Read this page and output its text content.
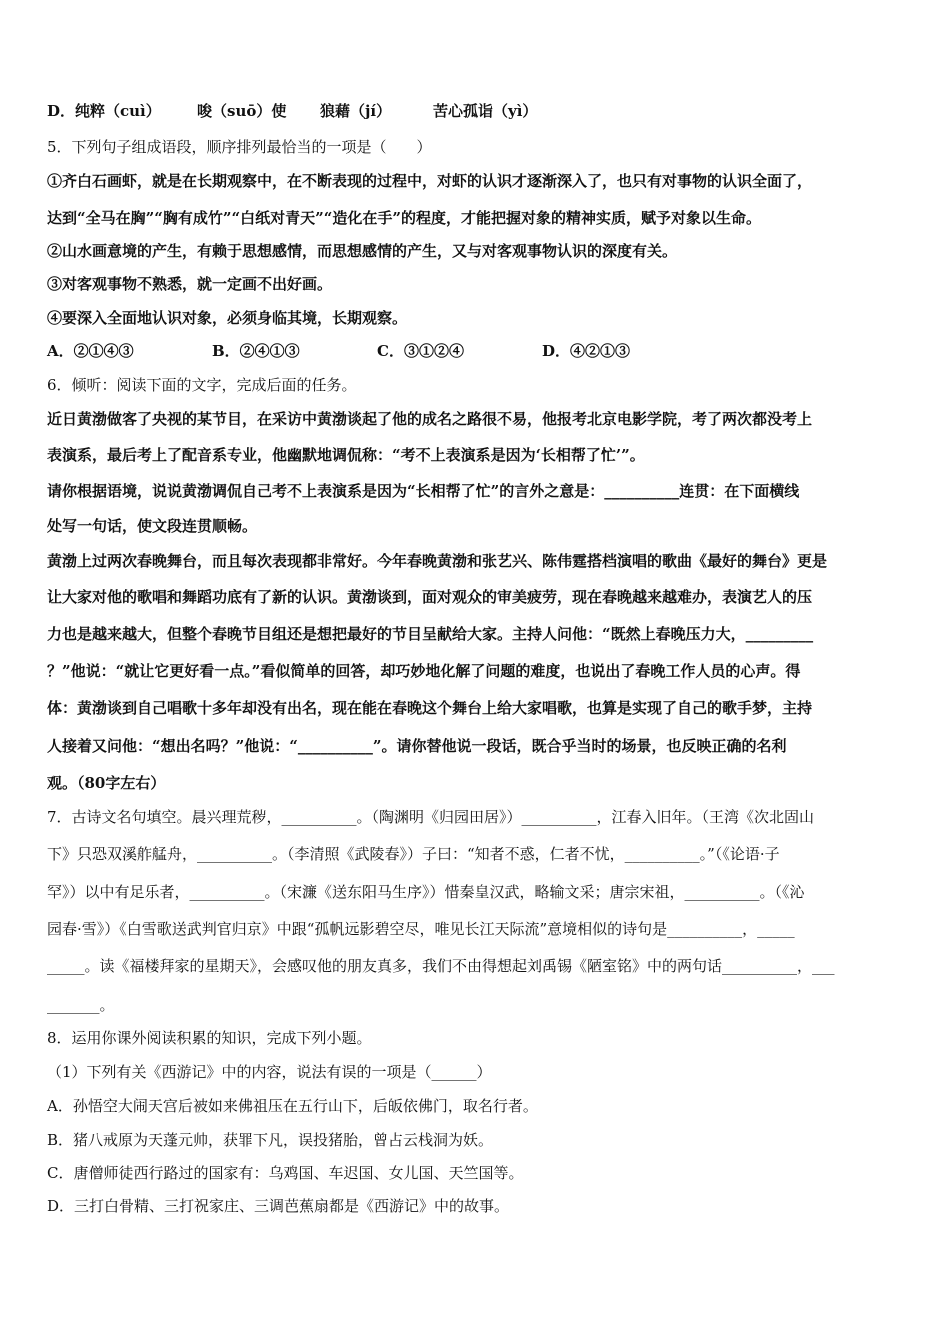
D． 纯粹（cuì） 唆（suō）使 狼藉（jí）	苦心孤诣（yì）
5．下列句子组成语段，顺序排列最恰当的一项是（　　）
①齐白石画虾，就是在长期观察中，在不断表现的过程中，对虾的认识才逐渐深入了，也只有对事物的认识全面了，
达到“全马在胸”“胸有成竹”“白纸对青天”“造化在手”的程度，才能把握对象的精神实质，赋予对象以生命。
②山水画意境的产生，有赖于思想感情，而思想感情的产生，又与对客观事物认识的深度有关。
③对客观事物不熟悉，就一定画不出好画。
④要深入全面地认识对象，必须身临其境，长期观察。
A．②①④③	B．②④①③	C．③①②④	D．④②①③
6．倾听：阅读下面的文字，完成后面的任务。
近日黄渤做客了央视的某节目，在采访中黄渤谈起了他的成名之路很不易，他报考北京电影学院，考了两次都没考上
表演系，最后考上了配音系专业，他幽默地调侃称：“考不上表演系是因为‘长相帮了忙’”。
请你根据语境，说说黄渤调侃自己考不上表演系是因为“长相帮了忙”的言外之意是：__________连贯：在下面横线
处写一句话，使文段连贯顺畅。
黄渤上过两次春晚舞台，而且每次表现都非常好。今年春晚黄渤和张艺兴、陈伟霆搭档演唱的歌曲《最好的舞台》更是
让大家对他的歌唱和舞蹈功底有了新的认识。黄渤谈到，面对观众的审美疲劳，现在春晚越来越难办，表演艺人的压
力也是越来越大，但整个春晚节目组还是想把最好的节目呈献给大家。主持人问他：“既然上春晚压力大，_________
？”他说：“就让它更好看一点。”看似简单的回答，却巧妙地化解了问题的难度，也说出了春晚工作人员的心声。得
体：黄渤谈到自己唱歌十多年却没有出名，现在能在春晚这个舞台上给大家唱歌，也算是实现了自己的歌手梦，主持
人接着又问他：“想出名吗？”他说：“__________”。请你替他说一段话，既合乎当时的场景，也反映正确的名利
观。（80字左右）
7．古诗文名句填空。晨兴理荒秽，__________。（陶渊明《归园田居》）__________，江春入旧年。（王湾《次北固山
下》只恐双溪舴艋舟，__________。（李清照《武陵春》）子曰：“知者不惑，仁者不忧，__________。”（《论语·子
罕》）以中有足乐者，__________。（宋濂《送东阳马生序》）惜秦皇汉武，略输文采；唐宗宋祖，__________。（《沁
园春·雪》）《白雪歌送武判官归京》中跟“孤帆远影碧空尽，唯见长江天际流”意境相似的诗句是__________，_____
_____。读《福楼拜家的星期天》，会感叹他的朋友真多，我们不由得想起刘禹锡《陋室铭》中的两句话__________，___
_______。
8．运用你课外阅读积累的知识，完成下列小题。
（1）下列有关《西游记》中的内容，说法有误的一项是（______）
A．孙悟空大闹天宫后被如来佛祖压在五行山下，后皈依佛门，取名行者。
B．猪八戒原为天蓬元帅，获罪下凡，误投猪胎，曾占云栈洞为妖。
C．唐僧师徒西行路过的国家有：乌鸡国、车迟国、女儿国、天竺国等。
D．三打白骨精、三打祝家庄、三调芭蕉扇都是《西游记》中的故事。
